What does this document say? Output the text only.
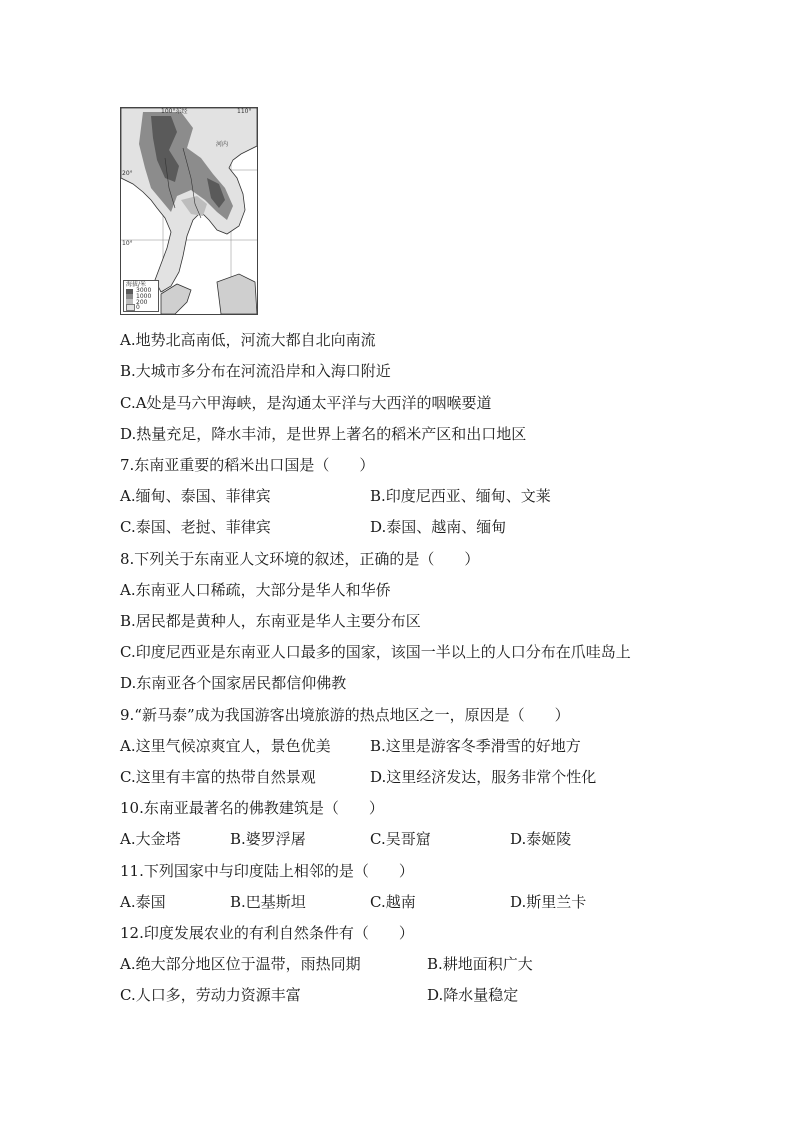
100°东经	110°
20°
10°
河内
海拔/米
3000
1000
200
0
A.地势北高南低，河流大都自北向南流
B.大城市多分布在河流沿岸和入海口附近
C.A处是马六甲海峡，是沟通太平洋与大西洋的咽喉要道
D.热量充足，降水丰沛，是世界上著名的稻米产区和出口地区
7.东南亚重要的稻米出口国是（　　）
A.缅甸、泰国、菲律宾	B.印度尼西亚、缅甸、文莱
C.泰国、老挝、菲律宾	D.泰国、越南、缅甸
8.下列关于东南亚人文环境的叙述，正确的是（　　）
A.东南亚人口稀疏，大部分是华人和华侨
B.居民都是黄种人，东南亚是华人主要分布区
C.印度尼西亚是东南亚人口最多的国家，该国一半以上的人口分布在爪哇岛上
D.东南亚各个国家居民都信仰佛教
9.“新马泰”成为我国游客出境旅游的热点地区之一，原因是（　　）
A.这里气候凉爽宜人，景色优美	B.这里是游客冬季滑雪的好地方
C.这里有丰富的热带自然景观	D.这里经济发达，服务非常个性化
10.东南亚最著名的佛教建筑是（　　）
A.大金塔	B.婆罗浮屠	C.吴哥窟	D.泰姬陵
11.下列国家中与印度陆上相邻的是（　　）
A.泰国	B.巴基斯坦	C.越南	D.斯里兰卡
12.印度发展农业的有利自然条件有（　　）
A.绝大部分地区位于温带，雨热同期	B.耕地面积广大
C.人口多，劳动力资源丰富	D.降水量稳定
